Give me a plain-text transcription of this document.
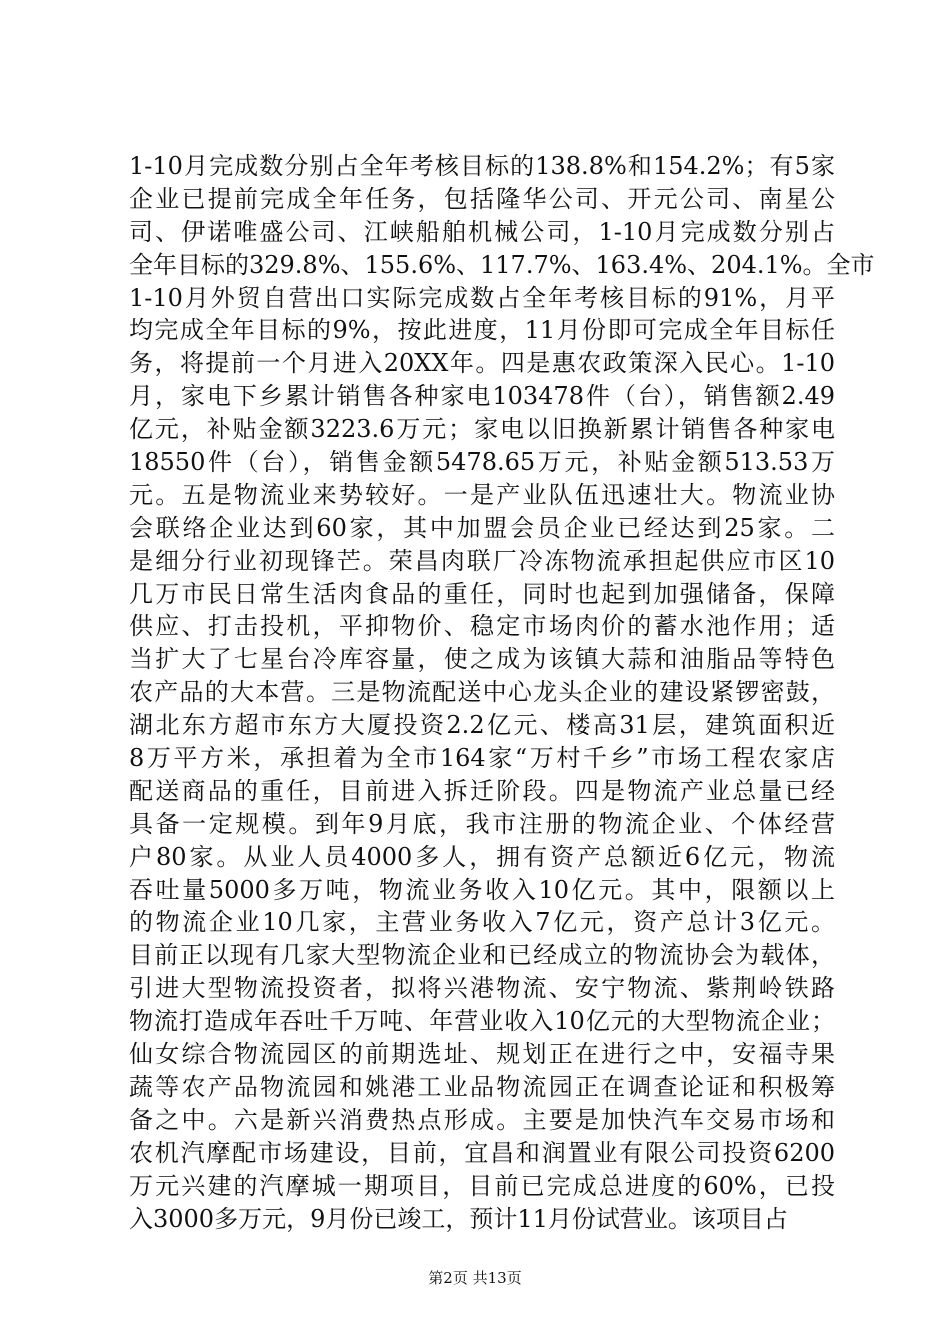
1-10月完成数分别占全年考核目标的138.8%和154.2%；有5家
企业已提前完成全年任务，包括隆华公司、开元公司、南星公
司、伊诺唯盛公司、江峡船舶机械公司，1-10月完成数分别占
全年目标的329.8%、155.6%、117.7%、163.4%、204.1%。全市
1-10月外贸自营出口实际完成数占全年考核目标的91%，月平
均完成全年目标的9%，按此进度，11月份即可完成全年目标任
务，将提前一个月进入20XX年。四是惠农政策深入民心。1-10
月，家电下乡累计销售各种家电103478件（台），销售额2.49
亿元，补贴金额3223.6万元；家电以旧换新累计销售各种家电
18550件（台），销售金额5478.65万元，补贴金额513.53万
元。五是物流业来势较好。一是产业队伍迅速壮大。物流业协
会联络企业达到60家，其中加盟会员企业已经达到25家。二
是细分行业初现锋芒。荣昌肉联厂冷冻物流承担起供应市区10
几万市民日常生活肉食品的重任，同时也起到加强储备，保障
供应、打击投机，平抑物价、稳定市场肉价的蓄水池作用；适
当扩大了七星台冷库容量，使之成为该镇大蒜和油脂品等特色
农产品的大本营。三是物流配送中心龙头企业的建设紧锣密鼓，
湖北东方超市东方大厦投资2.2亿元、楼高31层，建筑面积近
8万平方米，承担着为全市164家“万村千乡”市场工程农家店
配送商品的重任，目前进入拆迁阶段。四是物流产业总量已经
具备一定规模。到年9月底，我市注册的物流企业、个体经营
户80家。从业人员4000多人，拥有资产总额近6亿元，物流
吞吐量5000多万吨，物流业务收入10亿元。其中，限额以上
的物流企业10几家，主营业务收入7亿元，资产总计3亿元。
目前正以现有几家大型物流企业和已经成立的物流协会为载体，
引进大型物流投资者，拟将兴港物流、安宁物流、紫荆岭铁路
物流打造成年吞吐千万吨、年营业收入10亿元的大型物流企业；
仙女综合物流园区的前期选址、规划正在进行之中，安福寺果
蔬等农产品物流园和姚港工业品物流园正在调查论证和积极筹
备之中。六是新兴消费热点形成。主要是加快汽车交易市场和
农机汽摩配市场建设，目前，宜昌和润置业有限公司投资6200
万元兴建的汽摩城一期项目，目前已完成总进度的60%，已投
入3000多万元，9月份已竣工，预计11月份试营业。该项目占
第2页 共13页
